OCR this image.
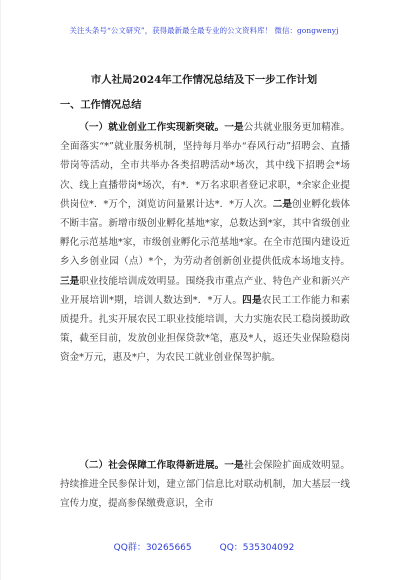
关注头条号“公文研究”，获得最新最全最专业的公文资料库！ 微信：gongwenyj
市人社局2024年工作情况总结及下一步工作计划
一、工作情况总结
（一）就业创业工作实现新突破。一是公共就业服务更加精准。全面落实“*”就业服务机制，坚持每月举办“春风行动”招聘会、直播带岗等活动，全市共举办各类招聘活动*场次，其中线下招聘会*场次、线上直播带岗*场次，有*．*万名求职者登记求职，*余家企业提供岗位*．*万个，浏览访问量累计达*．*万人次。二是创业孵化载体不断丰富。新增市级创业孵化基地*家，总数达到*家，其中省级创业孵化示范基地*家，市级创业孵化示范基地*家。在全市范围内建设近乡入乡创业园（点）*个，为劳动者创新创业提供低成本场地支持。三是职业技能培训成效明显。围绕我市重点产业、特色产业和新兴产业开展培训*期，培训人数达到*．*万人。四是农民工工作能力和素质提升。扎实开展农民工职业技能培训，大力实施农民工稳岗援助政策，截至目前，发放创业担保贷款*笔，惠及*人，返还失业保险稳岗资金*万元，惠及*户，为农民工就业创业保驾护航。
（二）社会保障工作取得新进展。一是社会保险扩面成效明显。持续推进全民参保计划，建立部门信息比对联动机制，加大基层一线宣传力度，提高参保缴费意识，全市
QQ群：30265665	QQ：535304092
